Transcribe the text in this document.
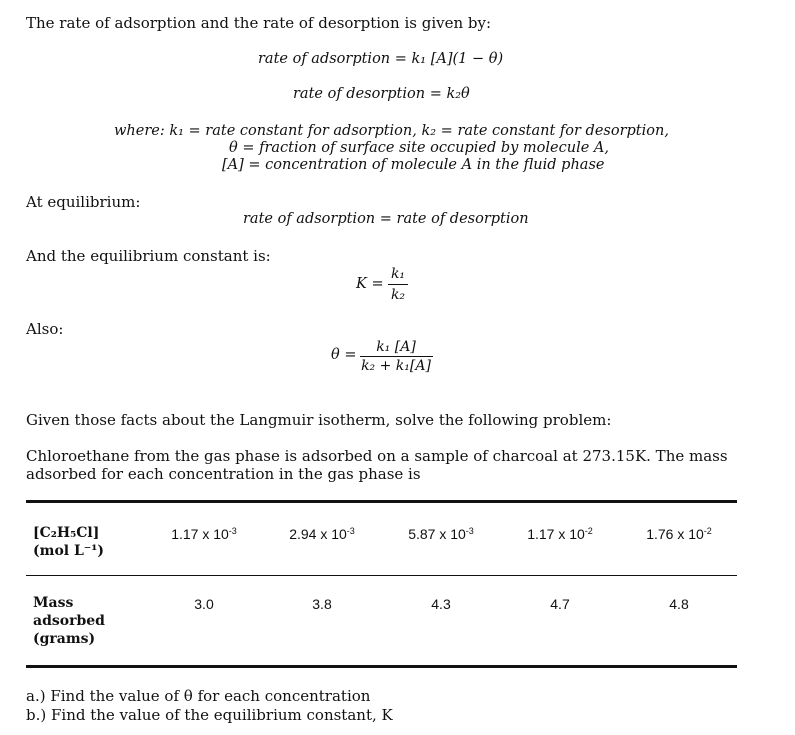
The rate of adsorption and the rate of desorption is given by:
rate of adsorption = k₁ [A](1 − θ)
rate of desorption = k₂θ
where: k₁ = rate constant for adsorption, k₂ = rate constant for desorption,
θ = fraction of surface site occupied by molecule A,
[A] = concentration of molecule A in the fluid phase
At equilibrium:
rate of adsorption = rate of desorption
And the equilibrium constant is:
K =
k₁
k₂
Also:
θ = k₁ [A]
k₂ + k₁[A]
Given those facts about the Langmuir isotherm, solve the following problem:
Chloroethane from the gas phase is adsorbed on a sample of charcoal at 273.15K. The mass
adsorbed for each concentration in the gas phase is
[C₂H₅Cl]
(mol L⁻¹)
1.17 x $10^{-3}$	2.94 x $10^{-3}$	5.87 x $10^{-3}$	1.17 x $10^{-2}$	1.76 x $10^{-2}$
Mass
adsorbed
(grams)
3.0	3.8	4.3	4.7	4.8
a.) Find the value of θ for each concentration
b.) Find the value of the equilibrium constant, K
